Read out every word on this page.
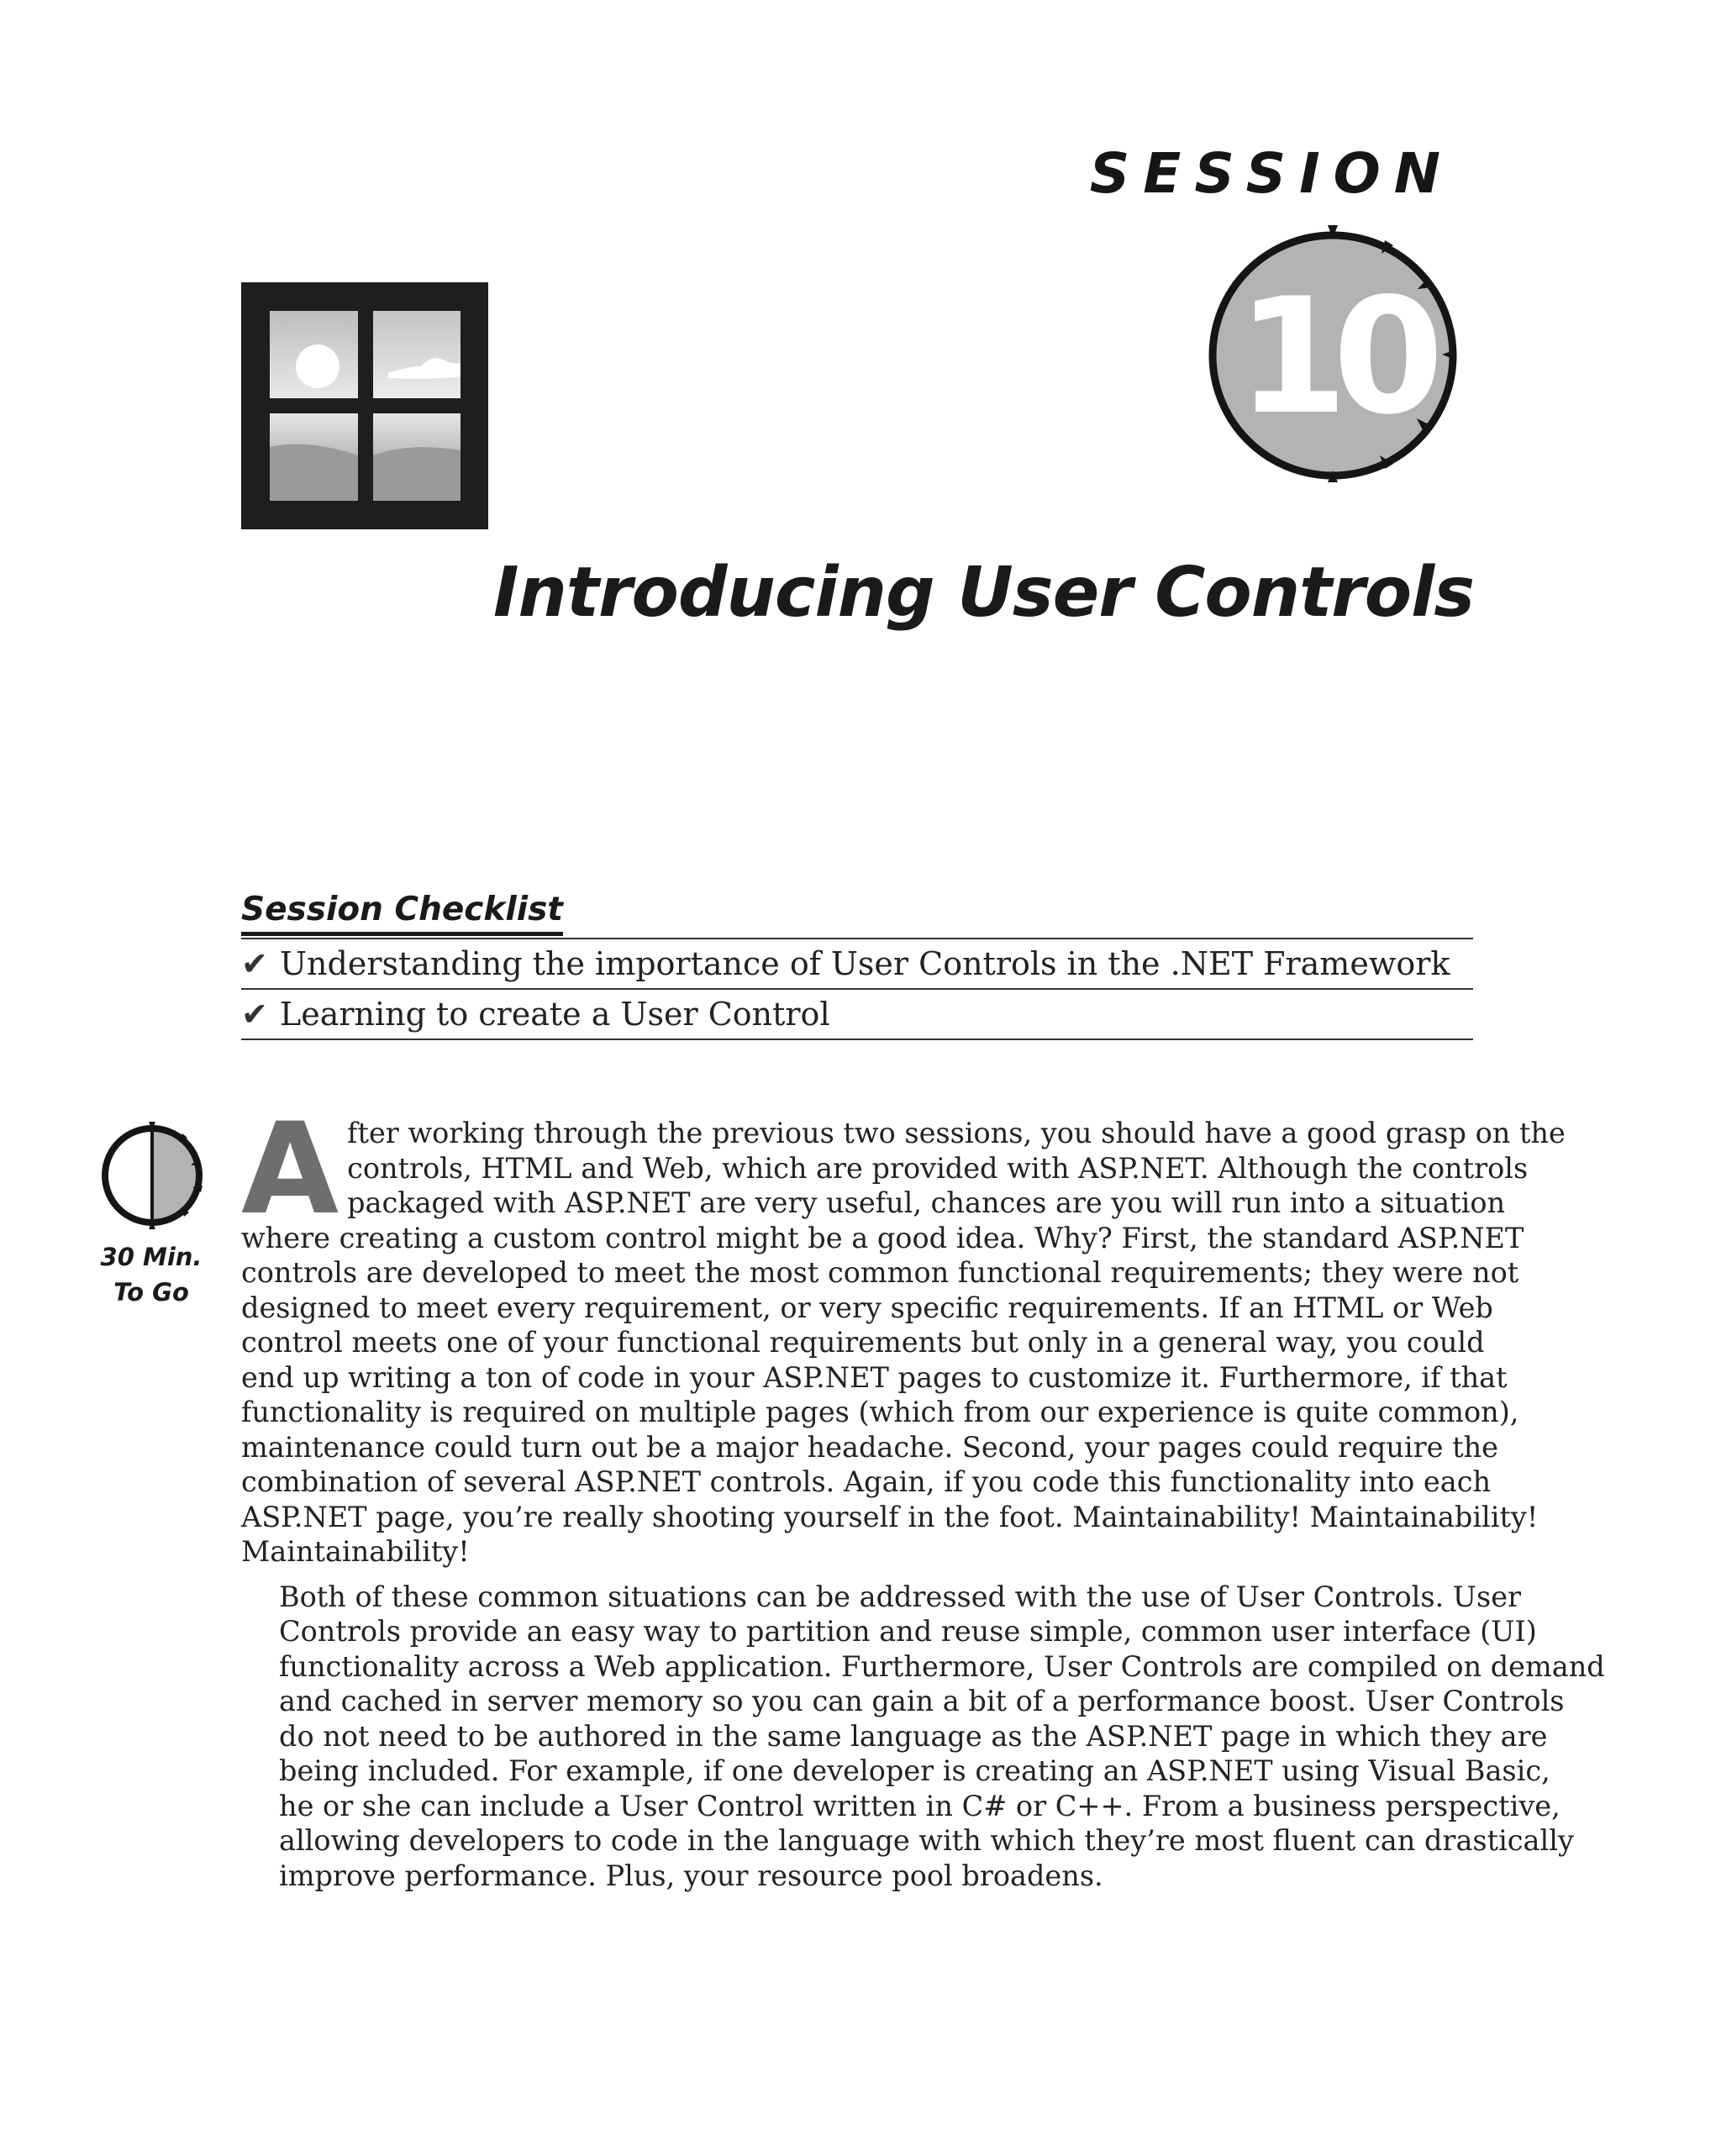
SESSION
10
Introducing User Controls
Session Checklist
✔ Understanding the importance of User Controls in the .NET Framework
✔ Learning to create a User Control
30 Min.
To Go
A fter working through the previous two sessions, you should have a good grasp on the
controls, HTML and Web, which are provided with ASP.NET. Although the controls
packaged with ASP.NET are very useful, chances are you will run into a situation
where creating a custom control might be a good idea. Why? First, the standard ASP.NET
controls are developed to meet the most common functional requirements; they were not
designed to meet every requirement, or very specific requirements. If an HTML or Web
control meets one of your functional requirements but only in a general way, you could
end up writing a ton of code in your ASP.NET pages to customize it. Furthermore, if that
functionality is required on multiple pages (which from our experience is quite common),
maintenance could turn out be a major headache. Second, your pages could require the
combination of several ASP.NET controls. Again, if you code this functionality into each
ASP.NET page, you’re really shooting yourself in the foot. Maintainability! Maintainability!
Maintainability!
Both of these common situations can be addressed with the use of User Controls. User
Controls provide an easy way to partition and reuse simple, common user interface (UI)
functionality across a Web application. Furthermore, User Controls are compiled on demand
and cached in server memory so you can gain a bit of a performance boost. User Controls
do not need to be authored in the same language as the ASP.NET page in which they are
being included. For example, if one developer is creating an ASP.NET using Visual Basic,
he or she can include a User Control written in C# or C++. From a business perspective,
allowing developers to code in the language with which they’re most fluent can drastically
improve performance. Plus, your resource pool broadens.
